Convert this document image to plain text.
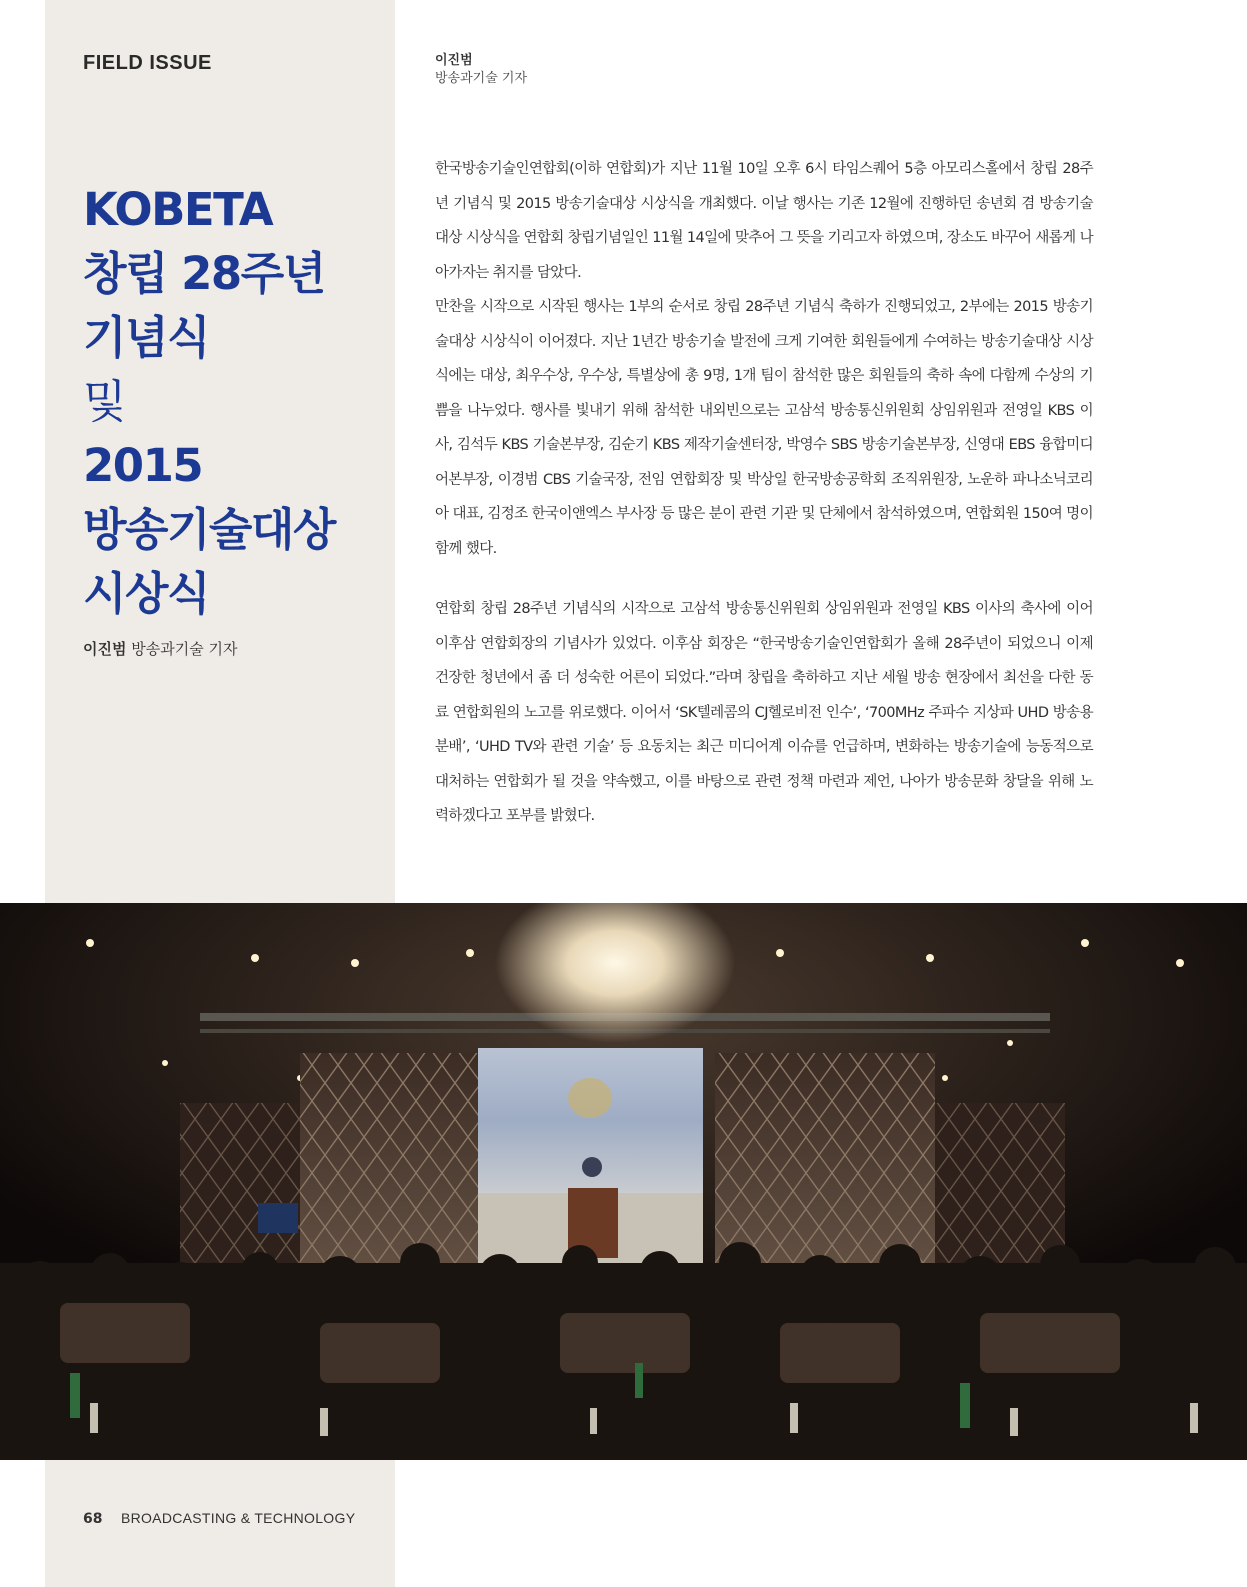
FIELD ISSUE	이진범
방송과기술 기자
KOBETA
창립 28주년
기념식
및
2015
방송기술대상
시상식
이진범 방송과기술 기자

한국방송기술인연합회(이하 연합회)가 지난 11월 10일 오후 6시 타임스퀘어 5층 아모리스홀에서 창립 28주년 기념식 및 2015 방송기술대상 시상식을 개최했다. 이날 행사는 기존 12월에 진행하던 송년회 겸 방송기술대상 시상식을 연합회 창립기념일인 11월 14일에 맞추어 그 뜻을 기리고자 하였으며, 장소도 바꾸어 새롭게 나아가자는 취지를 담았다.

만찬을 시작으로 시작된 행사는 1부의 순서로 창립 28주년 기념식 축하가 진행되었고, 2부에는 2015 방송기술대상 시상식이 이어졌다. 지난 1년간 방송기술 발전에 크게 기여한 회원들에게 수여하는 방송기술대상 시상식에는 대상, 최우수상, 우수상, 특별상에 총 9명, 1개 팀이 참석한 많은 회원들의 축하 속에 다함께 수상의 기쁨을 나누었다. 행사를 빛내기 위해 참석한 내외빈으로는 고삼석 방송통신위원회 상임위원과 전영일 KBS 이사, 김석두 KBS 기술본부장, 김순기 KBS 제작기술센터장, 박영수 SBS 방송기술본부장, 신영대 EBS 융합미디어본부장, 이경범 CBS 기술국장, 전임 연합회장 및 박상일 한국방송공학회 조직위원장, 노운하 파나소닉코리아 대표, 김정조 한국이앤엑스 부사장 등 많은 분이 관련 기관 및 단체에서 참석하였으며, 연합회원 150여 명이 함께 했다.

연합회 창립 28주년 기념식의 시작으로 고삼석 방송통신위원회 상임위원과 전영일 KBS 이사의 축사에 이어 이후삼 연합회장의 기념사가 있었다. 이후삼 회장은 “한국방송기술인연합회가 올해 28주년이 되었으니 이제 건장한 청년에서 좀 더 성숙한 어른이 되었다.”라며 창립을 축하하고 지난 세월 방송 현장에서 최선을 다한 동료 연합회원의 노고를 위로했다. 이어서 ‘SK텔레콤의 CJ헬로비전 인수’, ‘700MHz 주파수 지상파 UHD 방송용 분배’, ‘UHD TV와 관련 기술’ 등 요동치는 최근 미디어계 이슈를 언급하며, 변화하는 방송기술에 능동적으로 대처하는 연합회가 될 것을 약속했고, 이를 바탕으로 관련 정책 마련과 제언, 나아가 방송문화 창달을 위해 노력하겠다고 포부를 밝혔다.

68 BROADCASTING & TECHNOLOGY
